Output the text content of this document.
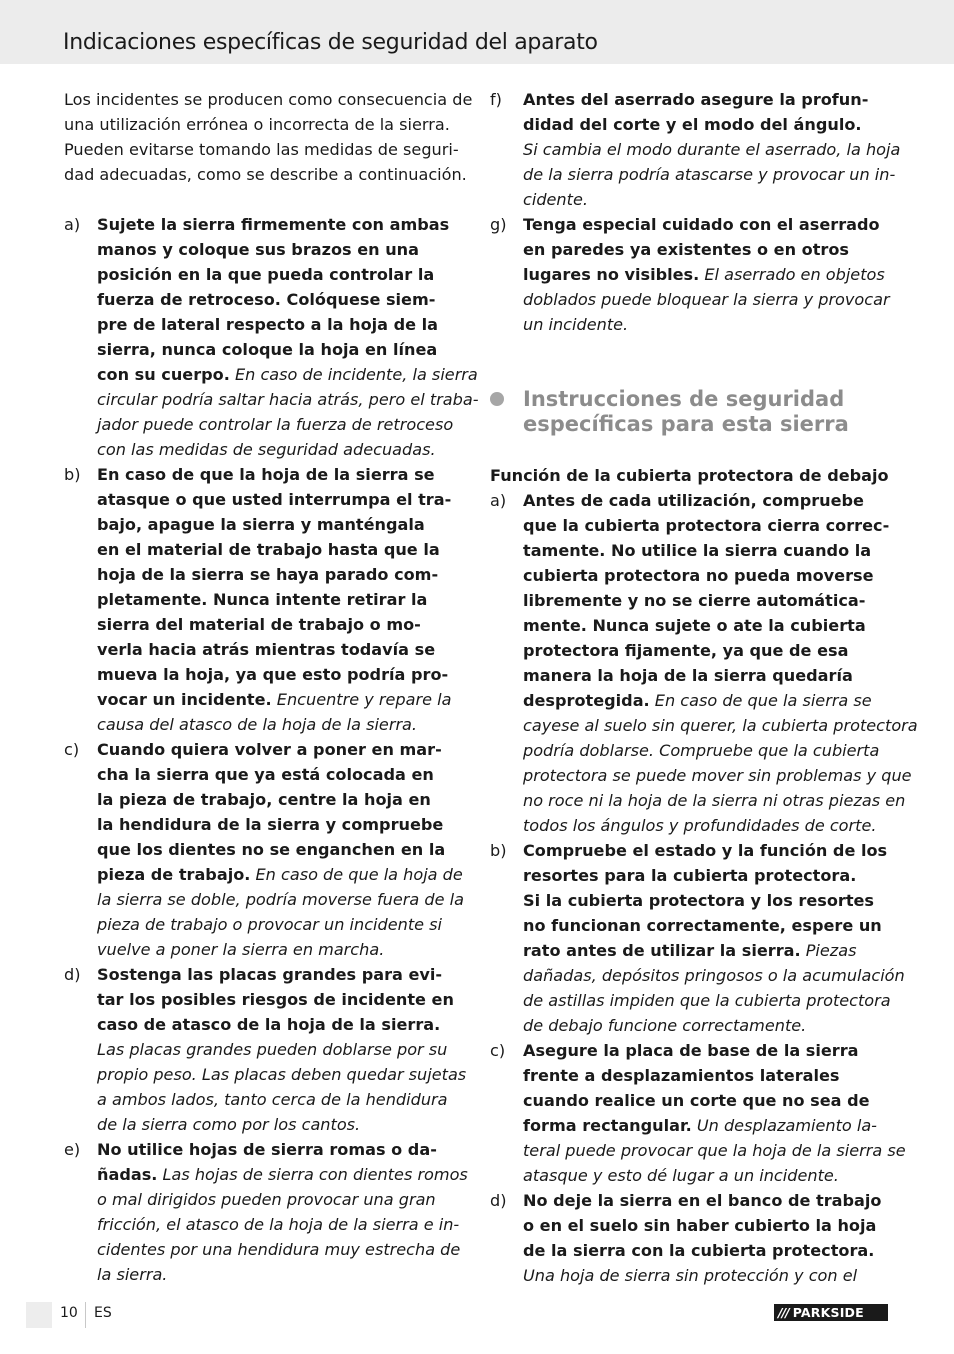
Indicaciones específicas de seguridad del aparato
Los incidentes se producen como consecuencia de
una utilización errónea o incorrecta de la sierra.
Pueden evitarse tomando las medidas de seguri-
dad adecuadas, como se describe a continuación.
a) Sujete la sierra firmemente con ambas
manos y coloque sus brazos en una
posición en la que pueda controlar la
fuerza de retroceso. Colóquese siem-
pre de lateral respecto a la hoja de la
sierra, nunca coloque la hoja en línea
con su cuerpo. En caso de incidente, la sierra
circular podría saltar hacia atrás, pero el traba-
jador puede controlar la fuerza de retroceso
con las medidas de seguridad adecuadas.
b) En caso de que la hoja de la sierra se
atasque o que usted interrumpa el tra-
bajo, apague la sierra y manténgala
en el material de trabajo hasta que la
hoja de la sierra se haya parado com-
pletamente. Nunca intente retirar la
sierra del material de trabajo o mo-
verla hacia atrás mientras todavía se
mueva la hoja, ya que esto podría pro-
vocar un incidente. Encuentre y repare la
causa del atasco de la hoja de la sierra.
c) Cuando quiera volver a poner en mar-
cha la sierra que ya está colocada en
la pieza de trabajo, centre la hoja en
la hendidura de la sierra y compruebe
que los dientes no se enganchen en la
pieza de trabajo. En caso de que la hoja de
la sierra se doble, podría moverse fuera de la
pieza de trabajo o provocar un incidente si
vuelve a poner la sierra en marcha.
d) Sostenga las placas grandes para evi-
tar los posibles riesgos de incidente en
caso de atasco de la hoja de la sierra.
Las placas grandes pueden doblarse por su
propio peso. Las placas deben quedar sujetas
a ambos lados, tanto cerca de la hendidura
de la sierra como por los cantos.
e) No utilice hojas de sierra romas o da-
ñadas. Las hojas de sierra con dientes romos
o mal dirigidos pueden provocar una gran
fricción, el atasco de la hoja de la sierra e in-
cidentes por una hendidura muy estrecha de
la sierra.
f) Antes del aserrado asegure la profun-
didad del corte y el modo del ángulo.
Si cambia el modo durante el aserrado, la hoja
de la sierra podría atascarse y provocar un in-
cidente.
g) Tenga especial cuidado con el aserrado
en paredes ya existentes o en otros
lugares no visibles. El aserrado en objetos
doblados puede bloquear la sierra y provocar
un incidente.
a) Antes de cada utilización, compruebe
que la cubierta protectora cierra correc-
tamente. No utilice la sierra cuando la
cubierta protectora no pueda moverse
libremente y no se cierre automática-
mente. Nunca sujete o ate la cubierta
protectora fijamente, ya que de esa
manera la hoja de la sierra quedaría
desprotegida. En caso de que la sierra se
cayese al suelo sin querer, la cubierta protectora
podría doblarse. Compruebe que la cubierta
protectora se puede mover sin problemas y que
no roce ni la hoja de la sierra ni otras piezas en
todos los ángulos y profundidades de corte.
b) Compruebe el estado y la función de los
resortes para la cubierta protectora.
Si la cubierta protectora y los resortes
no funcionan correctamente, espere un
rato antes de utilizar la sierra. Piezas
dañadas, depósitos pringosos o la acumulación
de astillas impiden que la cubierta protectora
de debajo funcione correctamente.
c) Asegure la placa de base de la sierra
frente a desplazamientos laterales
cuando realice un corte que no sea de
forma rectangular. Un desplazamiento la-
teral puede provocar que la hoja de la sierra se
atasque y esto dé lugar a un incidente.
d) No deje la sierra en el banco de trabajo
o en el suelo sin haber cubierto la hoja
de la sierra con la cubierta protectora.
Una hoja de sierra sin protección y con el
Instrucciones de seguridad
específicas para esta sierra
Función de la cubierta protectora de debajo
10 ES	/// PARKSIDE
